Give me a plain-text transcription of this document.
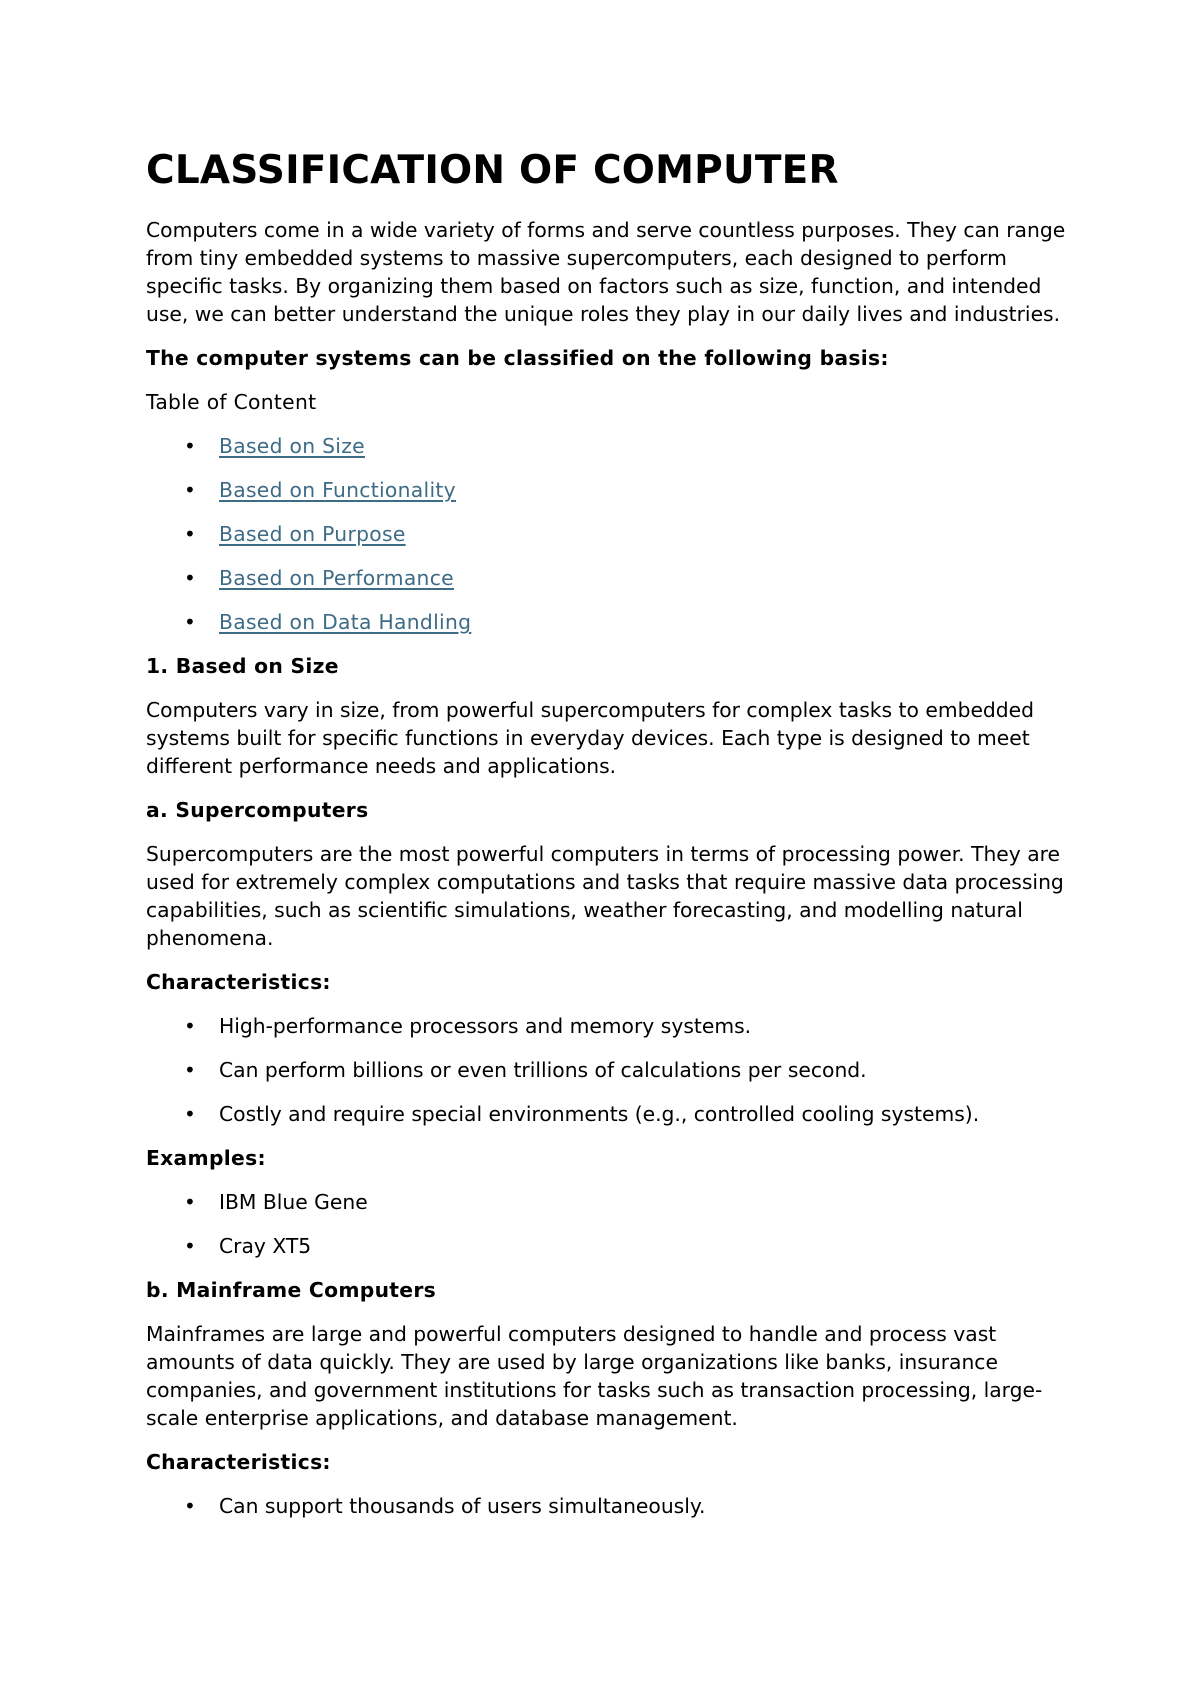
CLASSIFICATION OF COMPUTER

Computers come in a wide variety of forms and serve countless purposes. They can range from tiny embedded systems to massive supercomputers, each designed to perform specific tasks. By organizing them based on factors such as size, function, and intended use, we can better understand the unique roles they play in our daily lives and industries.

The computer systems can be classified on the following basis:
Table of Content
• Based on Size
• Based on Functionality
• Based on Purpose
• Based on Performance
• Based on Data Handling
1. Based on Size

Computers vary in size, from powerful supercomputers for complex tasks to embedded systems built for specific functions in everyday devices. Each type is designed to meet different performance needs and applications.

a. Supercomputers

Supercomputers are the most powerful computers in terms of processing power. They are used for extremely complex computations and tasks that require massive data processing capabilities, such as scientific simulations, weather forecasting, and modelling natural phenomena.

Characteristics:
• High-performance processors and memory systems.
• Can perform billions or even trillions of calculations per second.
• Costly and require special environments (e.g., controlled cooling systems).
Examples:
• IBM Blue Gene
• Cray XT5
b. Mainframe Computers

Mainframes are large and powerful computers designed to handle and process vast amounts of data quickly. They are used by large organizations like banks, insurance companies, and government institutions for tasks such as transaction processing, large-scale enterprise applications, and database management.

Characteristics:
• Can support thousands of users simultaneously.
